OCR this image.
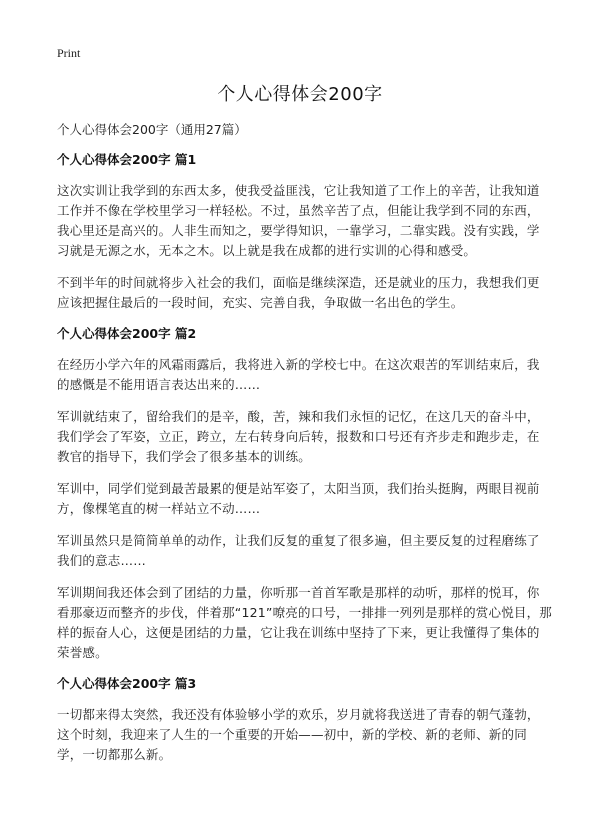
Print
个人心得体会200字
个人心得体会200字（通用27篇）
个人心得体会200字 篇1

这次实训让我学到的东西太多，使我受益匪浅，它让我知道了工作上的辛苦，让我知道工作并不像在学校里学习一样轻松。不过，虽然辛苦了点，但能让我学到不同的东西，我心里还是高兴的。人非生而知之，要学得知识，一靠学习，二靠实践。没有实践，学习就是无源之水，无本之木。以上就是我在成都的进行实训的心得和感受。

不到半年的时间就将步入社会的我们，面临是继续深造，还是就业的压力，我想我们更应该把握住最后的一段时间，充实、完善自我，争取做一名出色的学生。

个人心得体会200字 篇2

在经历小学六年的风霜雨露后，我将进入新的学校七中。在这次艰苦的军训结束后，我的感慨是不能用语言表达出来的……

军训就结束了，留给我们的是辛，酸，苦，辣和我们永恒的记忆，在这几天的奋斗中，我们学会了军姿，立正，跨立，左右转身向后转，报数和口号还有齐步走和跑步走，在教官的指导下，我们学会了很多基本的训练。

军训中，同学们觉到最苦最累的便是站军姿了，太阳当顶，我们抬头挺胸，两眼目视前方，像棵笔直的树一样站立不动……

军训虽然只是简简单单的动作，让我们反复的重复了很多遍，但主要反复的过程磨练了我们的意志……

军训期间我还体会到了团结的力量，你听那一首首军歌是那样的动听，那样的悦耳，你看那豪迈而整齐的步伐，伴着那“121”嘹亮的口号，一排排一列列是那样的赏心悦目，那样的振奋人心，这便是团结的力量，它让我在训练中坚持了下来，更让我懂得了集体的荣誉感。

个人心得体会200字 篇3

一切都来得太突然，我还没有体验够小学的欢乐，岁月就将我送进了青春的朝气蓬勃，这个时刻，我迎来了人生的一个重要的开始——初中，新的学校、新的老师、新的同学，一切都那么新。
